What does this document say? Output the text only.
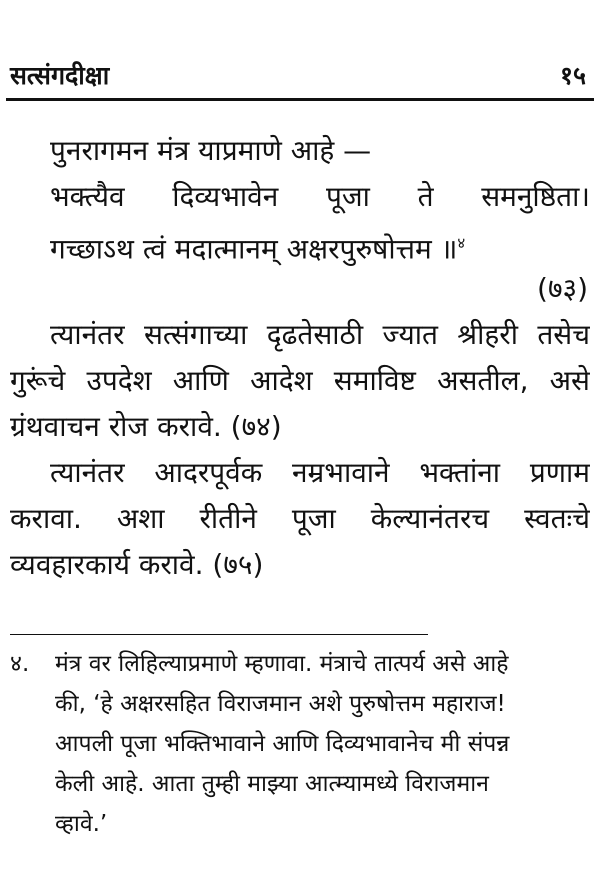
सत्संगदीक्षा	१५
पुनरागमन मंत्र याप्रमाणे आहे —
भक्त्यैव दिव्यभावेन पूजा ते समनुष्ठिता।
गच्छाऽथ त्वं मदात्मानम् अक्षरपुरुषोत्तम ॥$^४$
(७३)
त्यानंतर सत्संगाच्या दृढतेसाठी ज्यात श्रीहरी तसेच
गुरूंचे उपदेश आणि आदेश समाविष्ट असतील, असे
ग्रंथवाचन रोज करावे. (७४)
त्यानंतर आदरपूर्वक नम्रभावाने भक्तांना प्रणाम
करावा. अशा रीतीने पूजा केल्यानंतरच स्वतःचे
व्यवहारकार्य करावे. (७५)
४.	मंत्र वर लिहिल्याप्रमाणे म्हणावा. मंत्राचे तात्पर्य असे आहे
की, ‘हे अक्षरसहित विराजमान अशे पुरुषोत्तम महाराज!
आपली पूजा भक्तिभावाने आणि दिव्यभावानेच मी संपन्न
केली आहे. आता तुम्ही माझ्या आत्म्यामध्ये विराजमान
व्हावे.’
